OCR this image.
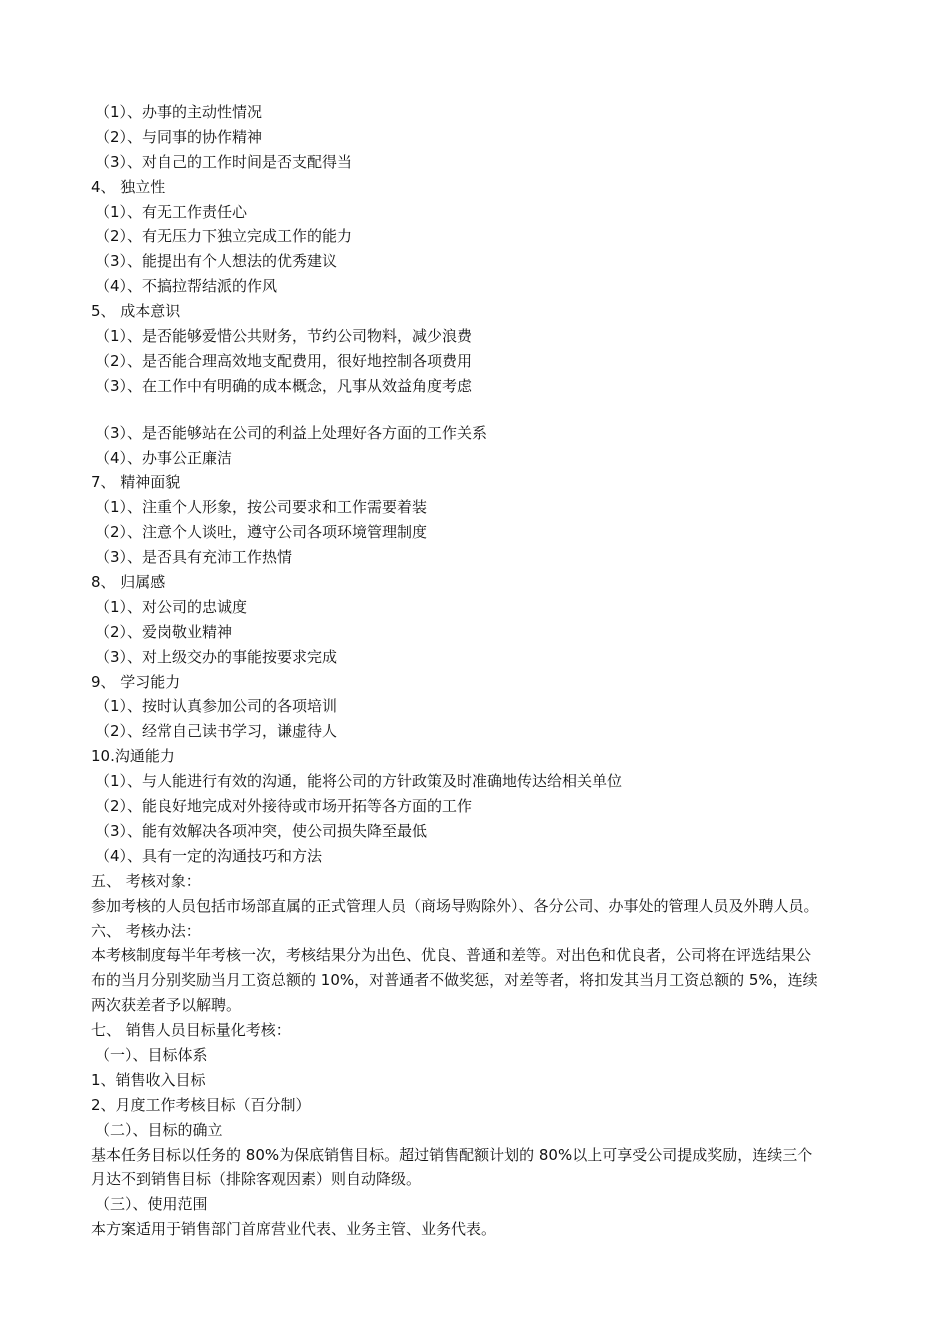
（1）、办事的主动性情况
（2）、与同事的协作精神
（3）、对自己的工作时间是否支配得当
4、 独立性
（1）、有无工作责任心
（2）、有无压力下独立完成工作的能力
（3）、能提出有个人想法的优秀建议
（4）、不搞拉帮结派的作风
5、 成本意识
（1）、是否能够爱惜公共财务，节约公司物料，减少浪费
（2）、是否能合理高效地支配费用，很好地控制各项费用
（3）、在工作中有明确的成本概念，凡事从效益角度考虑
（3）、是否能够站在公司的利益上处理好各方面的工作关系
（4）、办事公正廉洁
7、 精神面貌
（1）、注重个人形象，按公司要求和工作需要着装
（2）、注意个人谈吐，遵守公司各项环境管理制度
（3）、是否具有充沛工作热情
8、 归属感
（1）、对公司的忠诚度
（2）、爱岗敬业精神
（3）、对上级交办的事能按要求完成
9、 学习能力
（1）、按时认真参加公司的各项培训
（2）、经常自己读书学习，谦虚待人
10.沟通能力
（1）、与人能进行有效的沟通，能将公司的方针政策及时准确地传达给相关单位
（2）、能良好地完成对外接待或市场开拓等各方面的工作
（3）、能有效解决各项冲突，使公司损失降至最低
（4）、具有一定的沟通技巧和方法
五、 考核对象：
参加考核的人员包括市场部直属的正式管理人员（商场导购除外）、各分公司、办事处的管理人员及外聘人员。
六、 考核办法：
本考核制度每半年考核一次，考核结果分为出色、优良、普通和差等。对出色和优良者，公司将在评选结果公
布的当月分别奖励当月工资总额的 10%，对普通者不做奖惩，对差等者，将扣发其当月工资总额的 5%，连续
两次获差者予以解聘。
七、 销售人员目标量化考核：
（一）、目标体系
1、销售收入目标
2、月度工作考核目标（百分制）
（二）、目标的确立
基本任务目标以任务的 80%为保底销售目标。超过销售配额计划的 80%以上可享受公司提成奖励，连续三个
月达不到销售目标（排除客观因素）则自动降级。
（三）、使用范围
本方案适用于销售部门首席营业代表、业务主管、业务代表。
